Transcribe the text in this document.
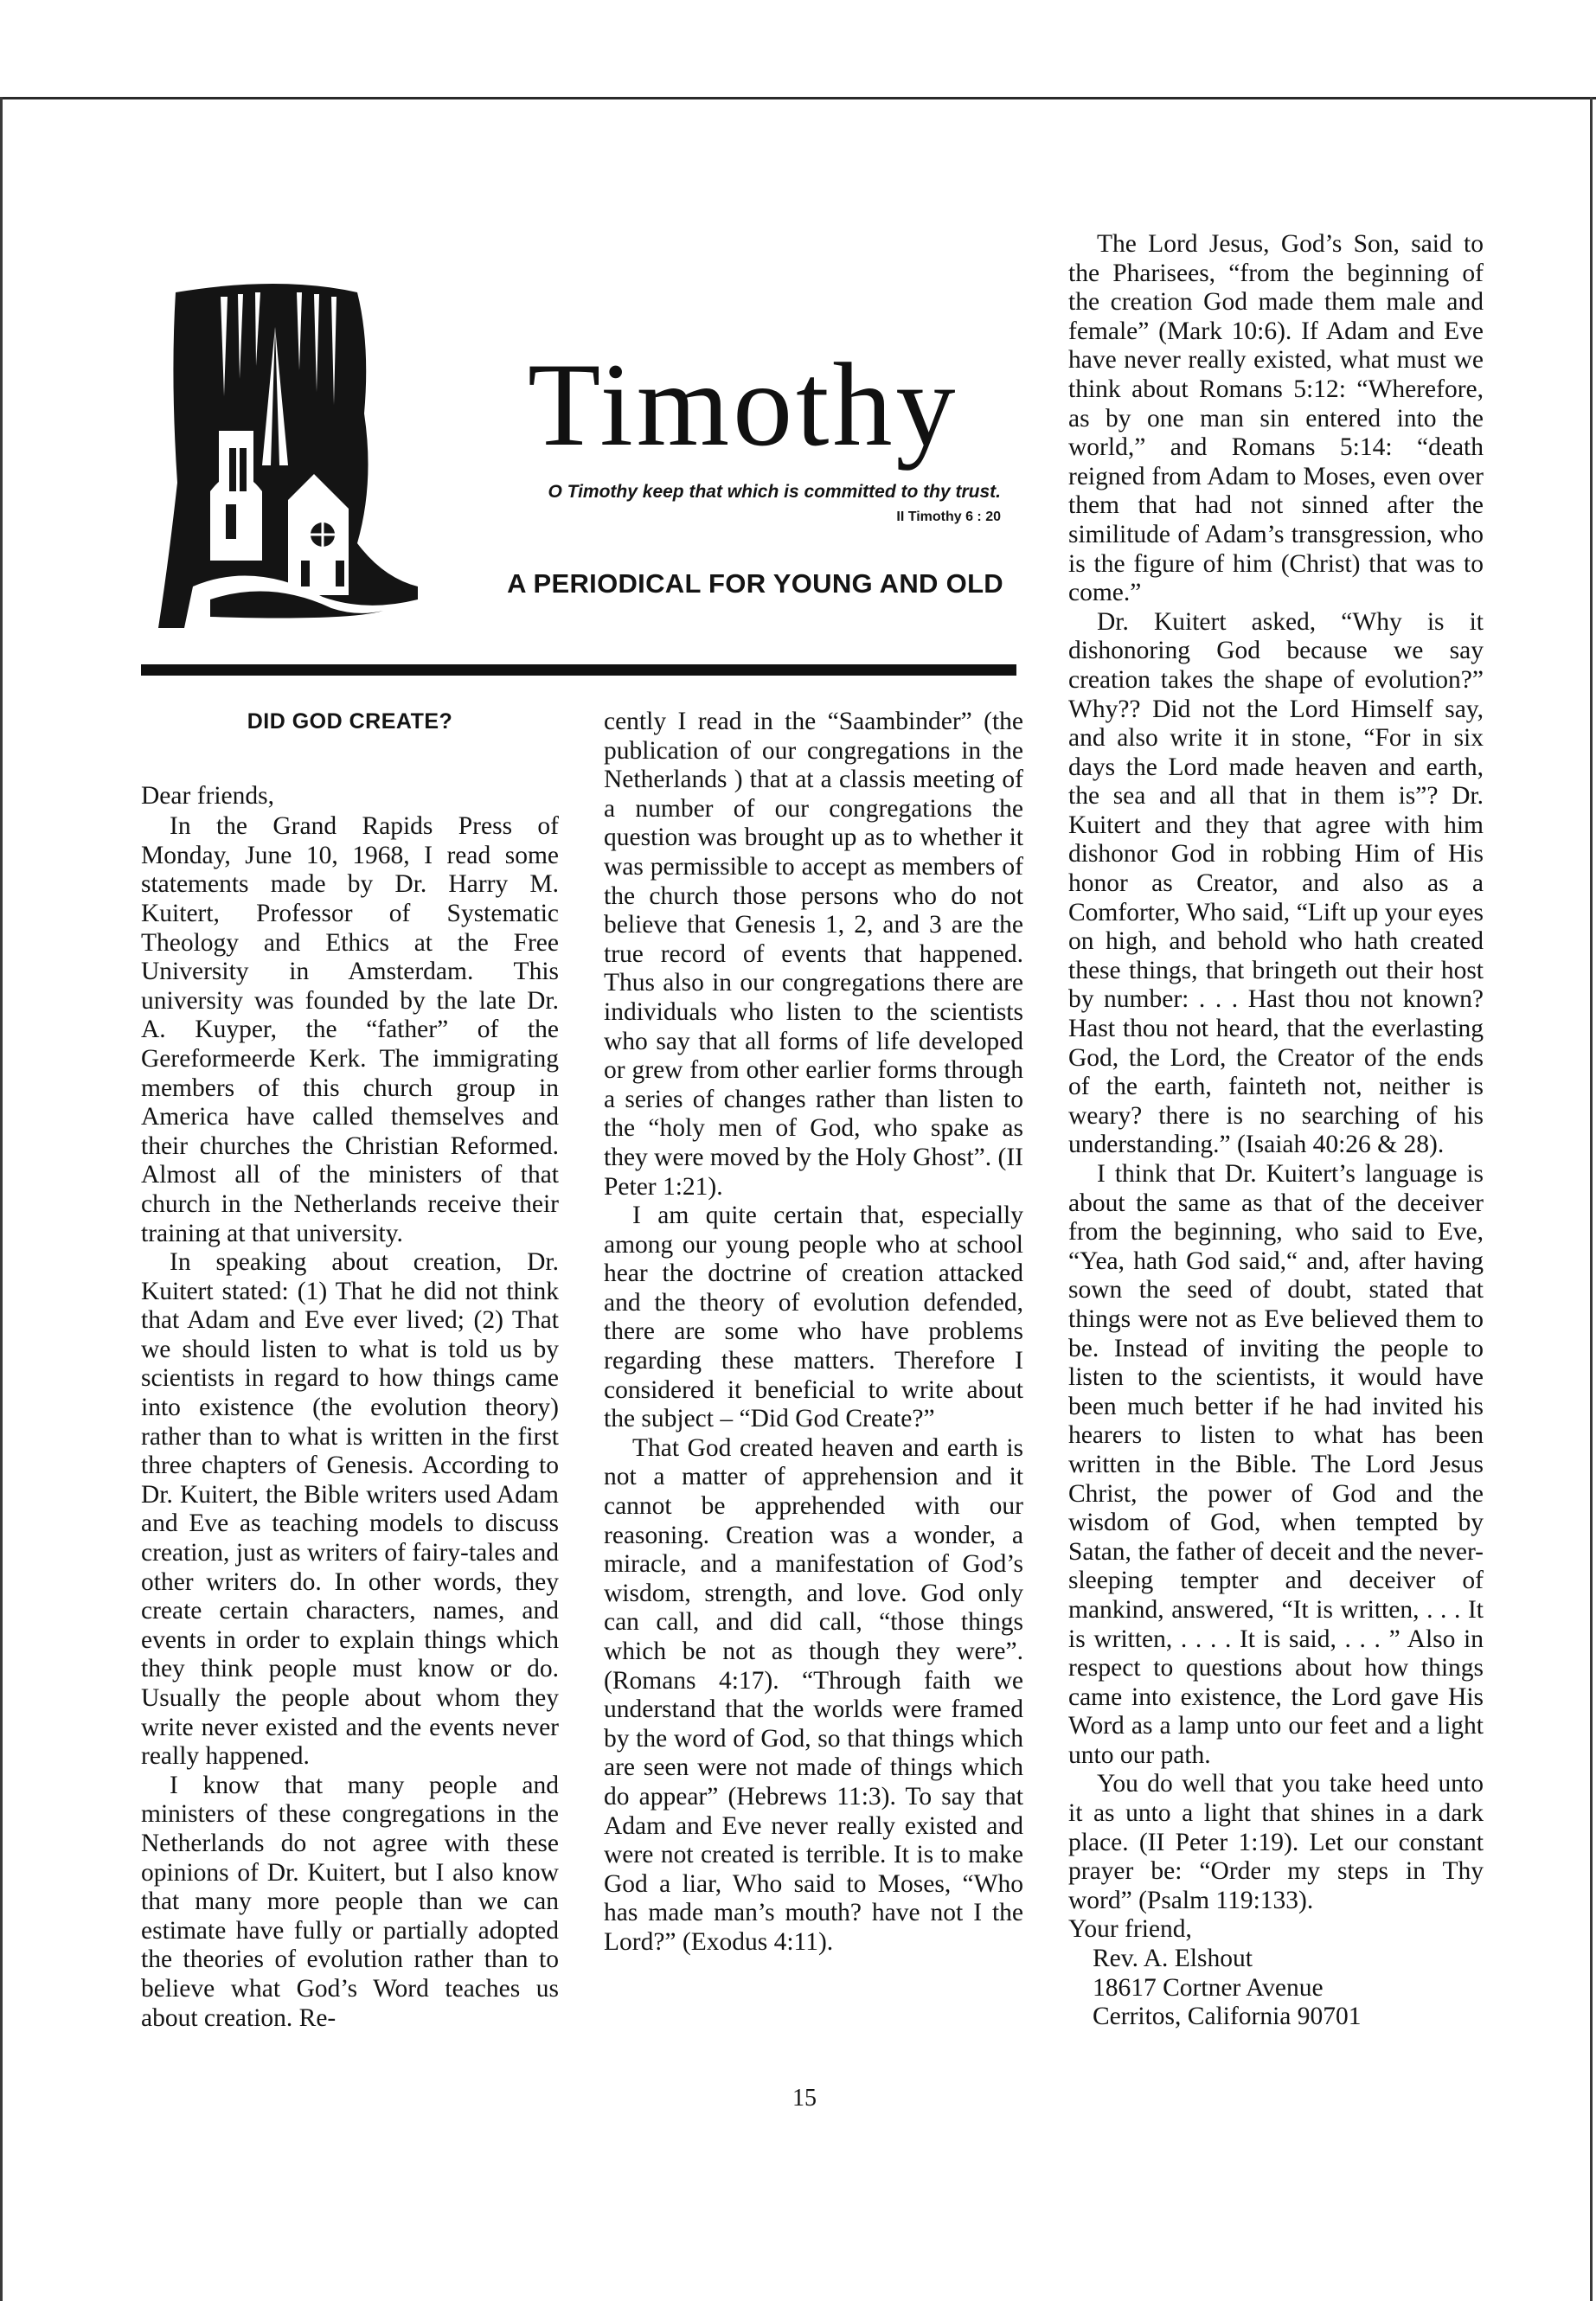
Timothy
O Timothy keep that which is committed to thy trust.
II Timothy 6 : 20
A PERIODICAL FOR YOUNG AND OLD

DID GOD CREATE?

Dear friends,

In the Grand Rapids Press of Monday, June 10, 1968, I read some statements made by Dr. Harry M. Kuitert, Professor of Systematic Theology and Ethics at the Free University in Amsterdam. This university was founded by the late Dr. A. Kuyper, the “father” of the Gereformeerde Kerk. The immigrating members of this church group in America have called themselves and their churches the Christian Reformed. Almost all of the ministers of that church in the Netherlands receive their training at that university.

In speaking about creation, Dr. Kuitert stated: (1) That he did not think that Adam and Eve ever lived; (2) That we should listen to what is told us by scientists in regard to how things came into existence (the evolution theory) rather than to what is written in the first three chapters of Genesis. According to Dr. Kuitert, the Bible writers used Adam and Eve as teaching models to discuss creation, just as writers of fairy-tales and other writers do. In other words, they create certain characters, names, and events in order to explain things which they think people must know or do. Usually the people about whom they write never existed and the events never really happened.

I know that many people and ministers of these congregations in the Netherlands do not agree with these opinions of Dr. Kuitert, but I also know that many more people than we can estimate have fully or partially adopted the theories of evolution rather than to believe what God’s Word teaches us about creation. Re-

cently I read in the “Saambinder” (the publication of our congregations in the Netherlands ) that at a classis meeting of a number of our congregations the question was brought up as to whether it was permissible to accept as members of the church those persons who do not believe that Genesis 1, 2, and 3 are the true record of events that happened. Thus also in our congregations there are individuals who listen to the scientists who say that all forms of life developed or grew from other earlier forms through a series of changes rather than listen to the “holy men of God, who spake as they were moved by the Holy Ghost”. (II Peter 1:21).

I am quite certain that, especially among our young people who at school hear the doctrine of creation attacked and the theory of evolution defended, there are some who have problems regarding these matters. Therefore I considered it beneficial to write about the subject – “Did God Create?”

That God created heaven and earth is not a matter of apprehension and it cannot be apprehended with our reasoning. Creation was a wonder, a miracle, and a manifestation of God’s wisdom, strength, and love. God only can call, and did call, “those things which be not as though they were”. (Romans 4:17). “Through faith we understand that the worlds were framed by the word of God, so that things which are seen were not made of things which do appear” (Hebrews 11:3). To say that Adam and Eve never really existed and were not created is terrible. It is to make God a liar, Who said to Moses, “Who has made man’s mouth? have not I the Lord?” (Exodus 4:11).

The Lord Jesus, God’s Son, said to the Pharisees, “from the beginning of the creation God made them male and female” (Mark 10:6). If Adam and Eve have never really existed, what must we think about Romans 5:12: “Wherefore, as by one man sin entered into the world,” and Romans 5:14: “death reigned from Adam to Moses, even over them that had not sinned after the similitude of Adam’s transgression, who is the figure of him (Christ) that was to come.”

Dr. Kuitert asked, “Why is it dishonoring God because we say creation takes the shape of evolution?” Why?? Did not the Lord Himself say, and also write it in stone, “For in six days the Lord made heaven and earth, the sea and all that in them is”? Dr. Kuitert and they that agree with him dishonor God in robbing Him of His honor as Creator, and also as a Comforter, Who said, “Lift up your eyes on high, and behold who hath created these things, that bringeth out their host by number: . . . Hast thou not known? Hast thou not heard, that the everlasting God, the Lord, the Creator of the ends of the earth, fainteth not, neither is weary? there is no searching of his understanding.” (Isaiah 40:26 & 28).

I think that Dr. Kuitert’s language is about the same as that of the deceiver from the beginning, who said to Eve, “Yea, hath God said,“ and, after having sown the seed of doubt, stated that things were not as Eve believed them to be. Instead of inviting the people to listen to the scientists, it would have been much better if he had invited his hearers to listen to what has been written in the Bible. The Lord Jesus Christ, the power of God and the wisdom of God, when tempted by Satan, the father of deceit and the never-sleeping tempter and deceiver of mankind, answered, “It is written, . . . It is written, . . . . It is said, . . . ” Also in respect to questions about how things came into existence, the Lord gave His Word as a lamp unto our feet and a light unto our path.

You do well that you take heed unto it as unto a light that shines in a dark place. (II Peter 1:19). Let our constant prayer be: “Order my steps in Thy word” (Psalm 119:133).

Your friend,

Rev. A. Elshout
18617 Cortner Avenue
Cerritos, California 90701
15
